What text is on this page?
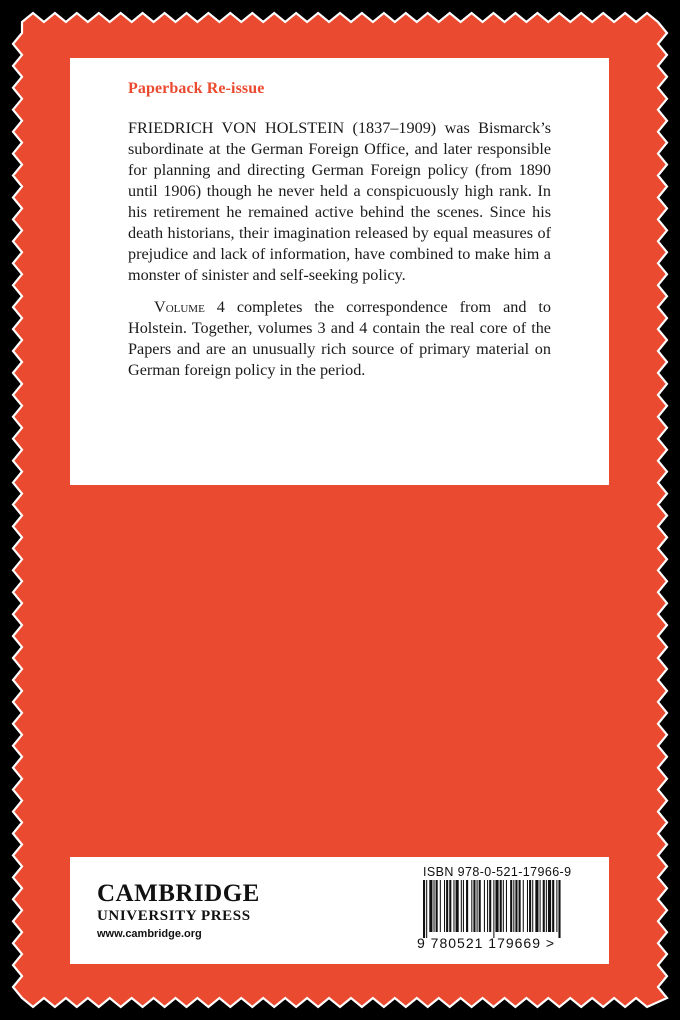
Paperback Re-issue

FRIEDRICH VON HOLSTEIN (1837–1909) was Bismarck’s subordinate at the German Foreign Office, and later responsible for planning and directing German Foreign policy (from 1890 until 1906) though he never held a conspicuously high rank. In his retirement he remained active behind the scenes. Since his death historians, their imagination released by equal measures of prejudice and lack of information, have combined to make him a monster of sinister and self-seeking policy.

Volume 4 completes the correspondence from and to Holstein. Together, volumes 3 and 4 contain the real core of the Papers and are an unusually rich source of primary material on German foreign policy in the period.

CAMBRIDGE
UNIVERSITY PRESS
www.cambridge.org
ISBN 978-0-521-17966-9
9 780521 179669 >
